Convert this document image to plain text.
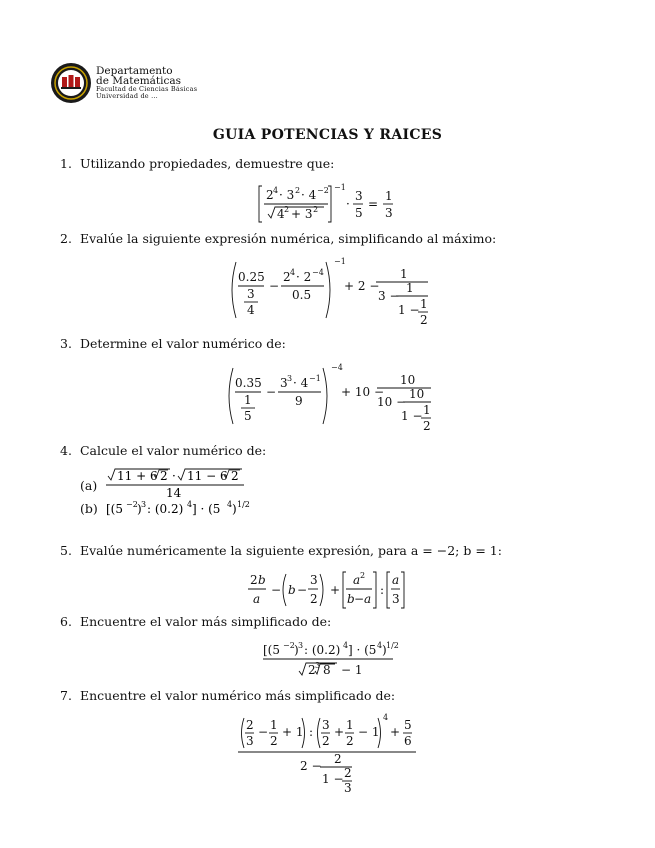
Departamento
de Matemáticas
Facultad de Ciencias Básicas
Universidad de ...
GUIA POTENCIAS Y RAICES
1. Utilizando propiedades, demuestre que:
2 4 · 3 2 · 4 −2
4 2 + 3 2
−1
·
3
5
=
1
3
2. Evalúe la siguiente expresión numérica, simplificando al máximo:
0.25
3
4
−
2 4 · 2 −4
0.5
−1
+ 2 −
1
3 −
1
1 − 1
2
3. Determine el valor numérico de:
0.35
1
5
−
3 3 · 4 −1
9
−4
+ 10 −
10
10 −
10
1 − 1
2
4. Calcule el valor numérico de:
(a)
11 + 6 2 · 11 − 6 2
14
(b) [(5 −2 ) 3 : (0.2) 4 ] · (5 4 ) 1/2
5. Evalúe numéricamente la siguiente expresión, para a = −2; b = 1:
2 b
a
− b −
3
2
+
a 2
b − a
:
a
3
6. Encuentre el valor más simplificado de:
[(5 −2 ) 3 : (0.2) 4 ] · (5 4 ) 1/2
2 3 8 − 1
7. Encuentre el valor numérico más simplificado de:
2
3
− 1
2
+ 1 : 3
2
+ 1
2
− 1
4
+ 5
6
2 − 2
1 − 2
3
